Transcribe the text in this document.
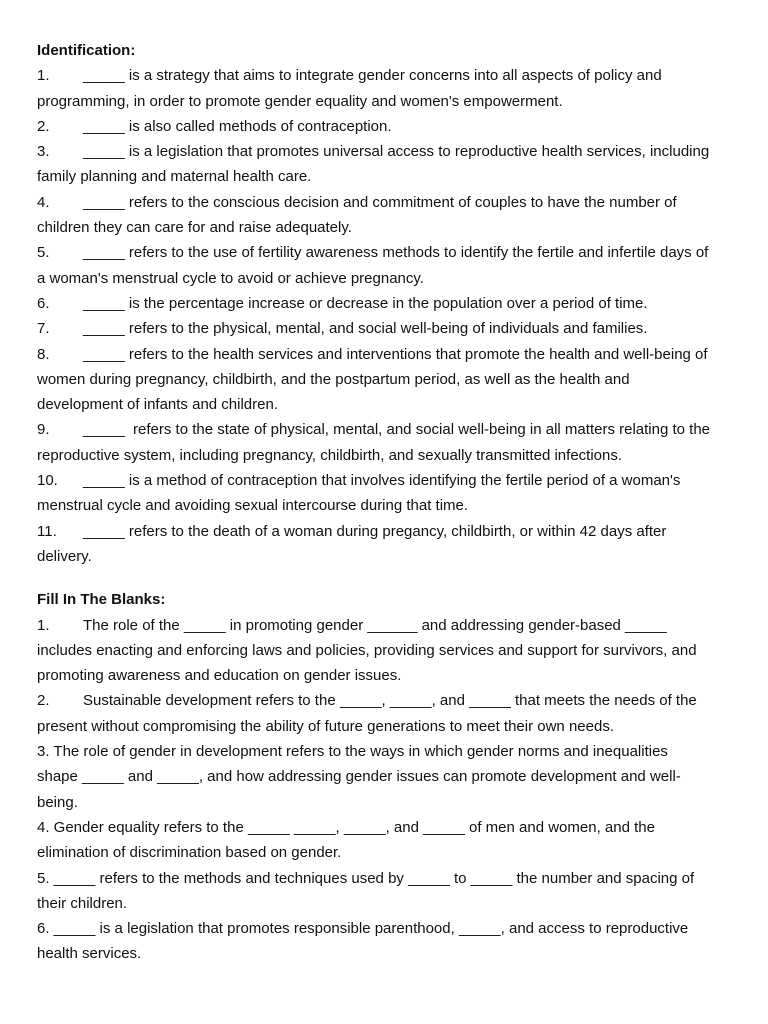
Identification:
1. _____ is a strategy that aims to integrate gender concerns into all aspects of policy and
programming, in order to promote gender equality and women's empowerment.
2. _____ is also called methods of contraception.
3. _____ is a legislation that promotes universal access to reproductive health services, including
family planning and maternal health care.
4. _____ refers to the conscious decision and commitment of couples to have the number of
children they can care for and raise adequately.
5. _____ refers to the use of fertility awareness methods to identify the fertile and infertile days of
a woman's menstrual cycle to avoid or achieve pregnancy.
6. _____ is the percentage increase or decrease in the population over a period of time.
7. _____ refers to the physical, mental, and social well-being of individuals and families.
8. _____ refers to the health services and interventions that promote the health and well-being of
women during pregnancy, childbirth, and the postpartum period, as well as the health and
development of infants and children.
9. _____  refers to the state of physical, mental, and social well-being in all matters relating to the
reproductive system, including pregnancy, childbirth, and sexually transmitted infections.
10. _____ is a method of contraception that involves identifying the fertile period of a woman's
menstrual cycle and avoiding sexual intercourse during that time.
11. _____ refers to the death of a woman during pregancy, childbirth, or within 42 days after
delivery.
Fill In The Blanks:
1. The role of the _____ in promoting gender ______ and addressing gender-based _____
includes enacting and enforcing laws and policies, providing services and support for survivors, and
promoting awareness and education on gender issues.
2. Sustainable development refers to the _____, _____, and _____ that meets the needs of the
present without compromising the ability of future generations to meet their own needs.
3. The role of gender in development refers to the ways in which gender norms and inequalities
shape _____ and _____, and how addressing gender issues can promote development and well-
being.
4. Gender equality refers to the _____ _____, _____, and _____ of men and women, and the
elimination of discrimination based on gender.
5. _____ refers to the methods and techniques used by _____ to _____ the number and spacing of
their children.
6. _____ is a legislation that promotes responsible parenthood, _____, and access to reproductive
health services.
